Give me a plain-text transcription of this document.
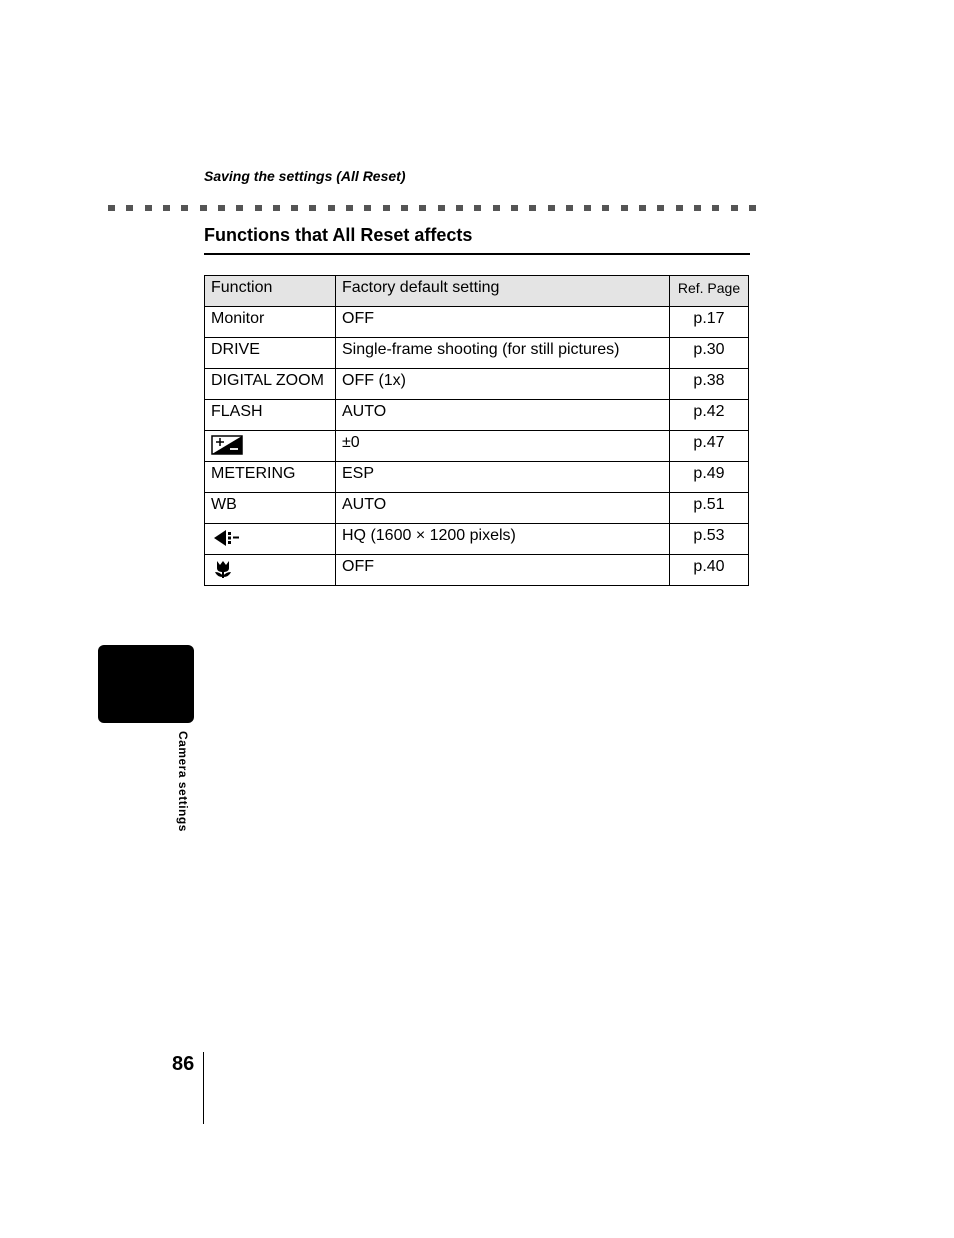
Saving the settings (All Reset)
Functions that All Reset affects
Function	Factory default setting	Ref. Page
Monitor	OFF	p.17
DRIVE	Single-frame shooting (for still pictures)	p.30
DIGITAL ZOOM	OFF (1x)	p.38
FLASH	AUTO	p.42

	±0	p.47
METERING	ESP	p.49
WB	AUTO	p.51

	HQ (1600 × 1200 pixels)	p.53

	OFF	p.40
Camera settings
86
